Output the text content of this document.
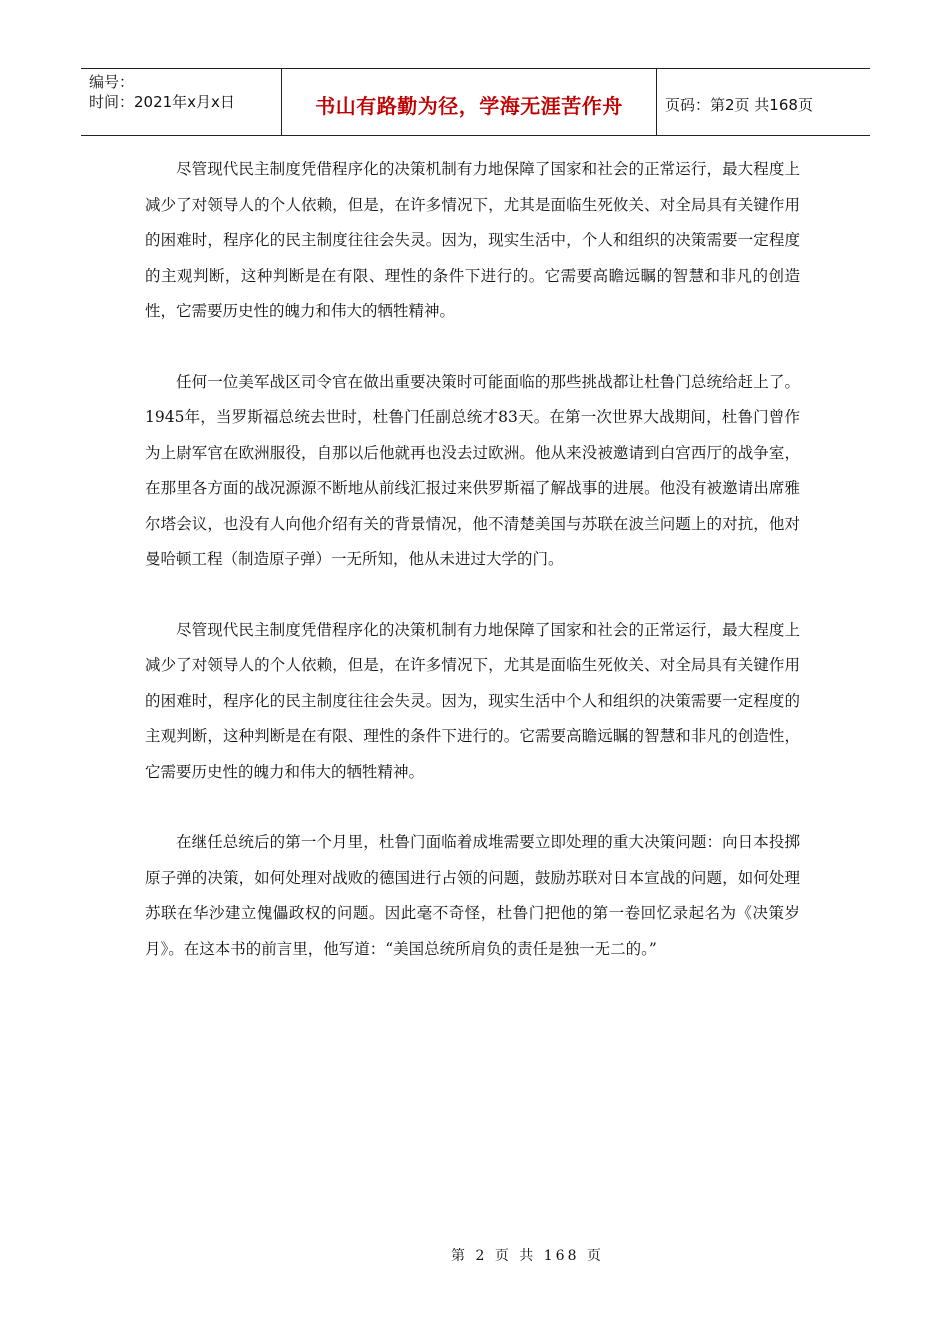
编号：
时间：2021年x月x日	书山有路勤为径，学海无涯苦作舟	页码：第2页 共168页

尽管现代民主制度凭借程序化的决策机制有力地保障了国家和社会的正常运行，最大程度上减少了对领导人的个人依赖，但是，在许多情况下，尤其是面临生死攸关、对全局具有关键作用的困难时，程序化的民主制度往往会失灵。因为，现实生活中，个人和组织的决策需要一定程度的主观判断，这种判断是在有限、理性的条件下进行的。它需要高瞻远瞩的智慧和非凡的创造性，它需要历史性的魄力和伟大的牺牲精神。

任何一位美军战区司令官在做出重要决策时可能面临的那些挑战都让杜鲁门总统给赶上了。1945年，当罗斯福总统去世时，杜鲁门任副总统才83天。在第一次世界大战期间，杜鲁门曾作为上尉军官在欧洲服役，自那以后他就再也没去过欧洲。他从来没被邀请到白宫西厅的战争室，在那里各方面的战况源源不断地从前线汇报过来供罗斯福了解战事的进展。他没有被邀请出席雅尔塔会议，也没有人向他介绍有关的背景情况，他不清楚美国与苏联在波兰问题上的对抗，他对曼哈顿工程（制造原子弹）一无所知，他从未进过大学的门。

尽管现代民主制度凭借程序化的决策机制有力地保障了国家和社会的正常运行，最大程度上减少了对领导人的个人依赖，但是，在许多情况下，尤其是面临生死攸关、对全局具有关键作用的困难时，程序化的民主制度往往会失灵。因为，现实生活中个人和组织的决策需要一定程度的主观判断，这种判断是在有限、理性的条件下进行的。它需要高瞻远瞩的智慧和非凡的创造性，它需要历史性的魄力和伟大的牺牲精神。

在继任总统后的第一个月里，杜鲁门面临着成堆需要立即处理的重大决策问题：向日本投掷原子弹的决策，如何处理对战败的德国进行占领的问题，鼓励苏联对日本宣战的问题，如何处理苏联在华沙建立傀儡政权的问题。因此毫不奇怪，杜鲁门把他的第一卷回忆录起名为《决策岁月》。在这本书的前言里，他写道：“美国总统所肩负的责任是独一无二的。”

第 2 页 共 168 页
